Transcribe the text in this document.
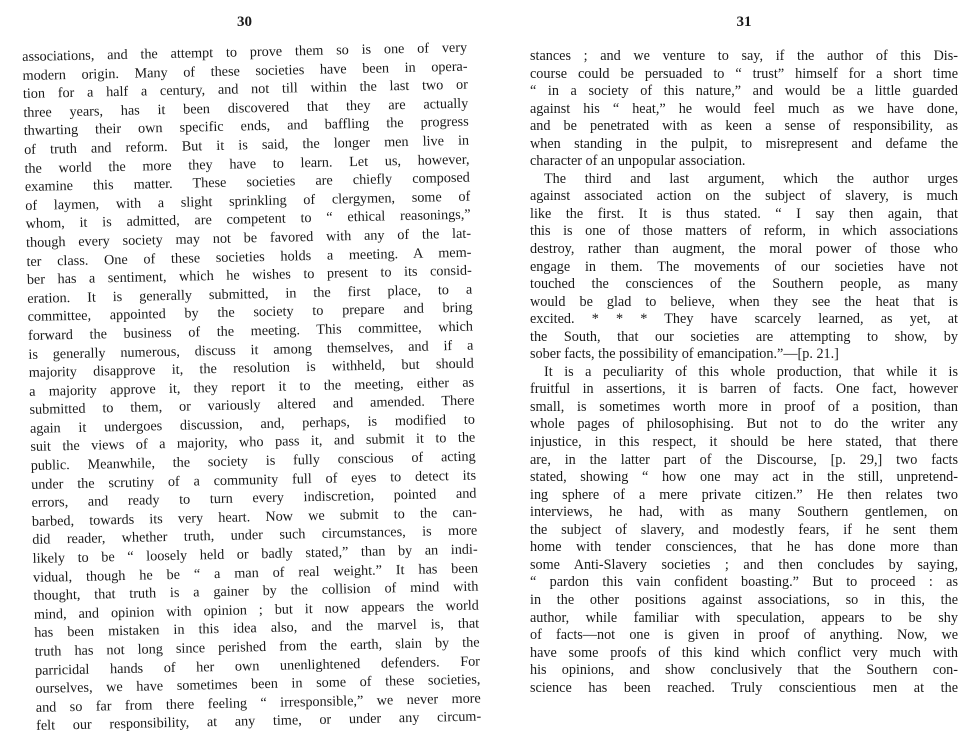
30
associations, and the attempt to prove them so is one of very
modern origin. Many of these societies have been in opera-
tion for a half a century, and not till within the last two or
three years, has it been discovered that they are actually
thwarting their own specific ends, and baffling the progress
of truth and reform. But it is said, the longer men live in
the world the more they have to learn. Let us, however,
examine this matter. These societies are chiefly composed
of laymen, with a slight sprinkling of clergymen, some of
whom, it is admitted, are competent to “ ethical reasonings,”
though every society may not be favored with any of the lat-
ter class. One of these societies holds a meeting. A mem-
ber has a sentiment, which he wishes to present to its consid-
eration. It is generally submitted, in the first place, to a
committee, appointed by the society to prepare and bring
forward the business of the meeting. This committee, which
is generally numerous, discuss it among themselves, and if a
majority disapprove it, the resolution is withheld, but should
a majority approve it, they report it to the meeting, either as
submitted to them, or variously altered and amended. There
again it undergoes discussion, and, perhaps, is modified to
suit the views of a majority, who pass it, and submit it to the
public. Meanwhile, the society is fully conscious of acting
under the scrutiny of a community full of eyes to detect its
errors, and ready to turn every indiscretion, pointed and
barbed, towards its very heart. Now we submit to the can-
did reader, whether truth, under such circumstances, is more
likely to be “ loosely held or badly stated,” than by an indi-
vidual, though he be “ a man of real weight.” It has been
thought, that truth is a gainer by the collision of mind with
mind, and opinion with opinion ; but it now appears the world
has been mistaken in this idea also, and the marvel is, that
truth has not long since perished from the earth, slain by the
parricidal hands of her own unenlightened defenders. For
ourselves, we have sometimes been in some of these societies,
and so far from there feeling “ irresponsible,” we never more
felt our responsibility, at any time, or under any circum-
31
stances ; and we venture to say, if the author of this Dis-
course could be persuaded to “ trust” himself for a short time
“ in a society of this nature,” and would be a little guarded
against his “ heat,” he would feel much as we have done,
and be penetrated with as keen a sense of responsibility, as
when standing in the pulpit, to misrepresent and defame the
character of an unpopular association.
The third and last argument, which the author urges
against associated action on the subject of slavery, is much
like the first. It is thus stated. “ I say then again, that
this is one of those matters of reform, in which associations
destroy, rather than augment, the moral power of those who
engage in them. The movements of our societies have not
touched the consciences of the Southern people, as many
would be glad to believe, when they see the heat that is
excited. * * * They have scarcely learned, as yet, at
the South, that our societies are attempting to show, by
sober facts, the possibility of emancipation.”—[p. 21.]
It is a peculiarity of this whole production, that while it is
fruitful in assertions, it is barren of facts. One fact, however
small, is sometimes worth more in proof of a position, than
whole pages of philosophising. But not to do the writer any
injustice, in this respect, it should be here stated, that there
are, in the latter part of the Discourse, [p. 29,] two facts
stated, showing “ how one may act in the still, unpretend-
ing sphere of a mere private citizen.” He then relates two
interviews, he had, with as many Southern gentlemen, on
the subject of slavery, and modestly fears, if he sent them
home with tender consciences, that he has done more than
some Anti-Slavery societies ; and then concludes by saying,
“ pardon this vain confident boasting.” But to proceed : as
in the other positions against associations, so in this, the
author, while familiar with speculation, appears to be shy
of facts—not one is given in proof of anything. Now, we
have some proofs of this kind which conflict very much with
his opinions, and show conclusively that the Southern con-
science has been reached. Truly conscientious men at the
